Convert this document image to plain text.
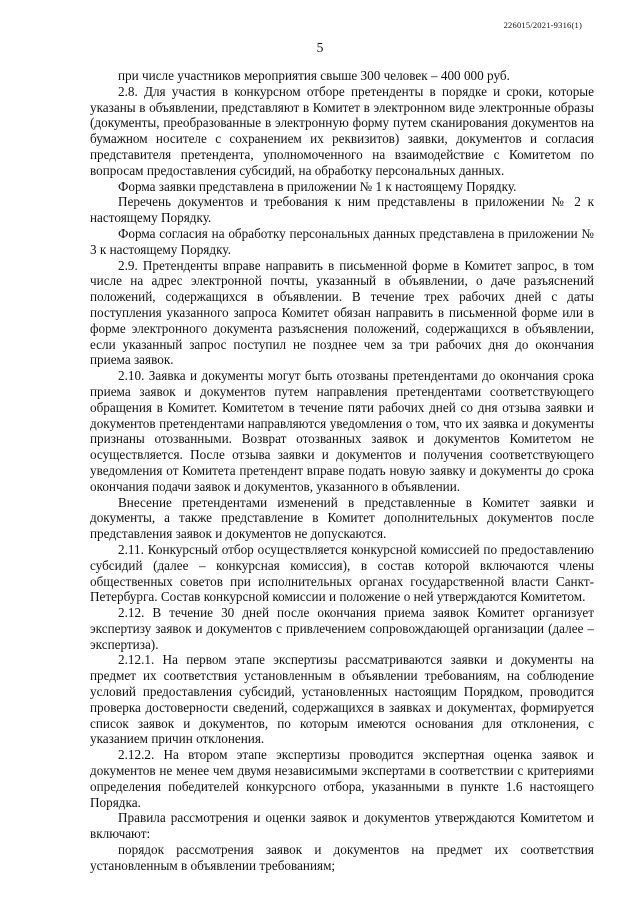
226015/2021-9316(1)
5

при числе участников мероприятия свыше 300 человек – 400 000 руб.

2.8. Для участия в конкурсном отборе претенденты в порядке и сроки, которые указаны в объявлении, представляют в Комитет в электронном виде электронные образы (документы, преобразованные в электронную форму путем сканирования документов на бумажном носителе с сохранением их реквизитов) заявки, документов и согласия представителя претендента, уполномоченного на взаимодействие с Комитетом по вопросам предоставления субсидий, на обработку персональных данных.

Форма заявки представлена в приложении № 1 к настоящему Порядку.

Перечень документов и требования к ним представлены в приложении № 2 к настоящему Порядку.

Форма согласия на обработку персональных данных представлена в приложении № 3 к настоящему Порядку.

2.9. Претенденты вправе направить в письменной форме в Комитет запрос, в том числе на адрес электронной почты, указанный в объявлении, о даче разъяснений положений, содержащихся в объявлении. В течение трех рабочих дней с даты поступления указанного запроса Комитет обязан направить в письменной форме или в форме электронного документа разъяснения положений, содержащихся в объявлении, если указанный запрос поступил не позднее чем за три рабочих дня до окончания приема заявок.

2.10. Заявка и документы могут быть отозваны претендентами до окончания срока приема заявок и документов путем направления претендентами соответствующего обращения в Комитет. Комитетом в течение пяти рабочих дней со дня отзыва заявки и документов претендентами направляются уведомления о том, что их заявка и документы признаны отозванными. Возврат отозванных заявок и документов Комитетом не осуществляется. После отзыва заявки и документов и получения соответствующего уведомления от Комитета претендент вправе подать новую заявку и документы до срока окончания подачи заявок и документов, указанного в объявлении.

Внесение претендентами изменений в представленные в Комитет заявки и документы, а также представление в Комитет дополнительных документов после представления заявок и документов не допускаются.

2.11. Конкурсный отбор осуществляется конкурсной комиссией по предоставлению субсидий (далее – конкурсная комиссия), в состав которой включаются члены общественных советов при исполнительных органах государственной власти Санкт-Петербурга. Состав конкурсной комиссии и положение о ней утверждаются Комитетом.

2.12. В течение 30 дней после окончания приема заявок Комитет организует экспертизу заявок и документов с привлечением сопровождающей организации (далее – экспертиза).

2.12.1. На первом этапе экспертизы рассматриваются заявки и документы на предмет их соответствия установленным в объявлении требованиям, на соблюдение условий предоставления субсидий, установленных настоящим Порядком, проводится проверка достоверности сведений, содержащихся в заявках и документах, формируется список заявок и документов, по которым имеются основания для отклонения, с указанием причин отклонения.

2.12.2. На втором этапе экспертизы проводится экспертная оценка заявок и документов не менее чем двумя независимыми экспертами в соответствии с критериями определения победителей конкурсного отбора, указанными в пункте 1.6 настоящего Порядка.

Правила рассмотрения и оценки заявок и документов утверждаются Комитетом и включают:

порядок рассмотрения заявок и документов на предмет их соответствия установленным в объявлении требованиям;
